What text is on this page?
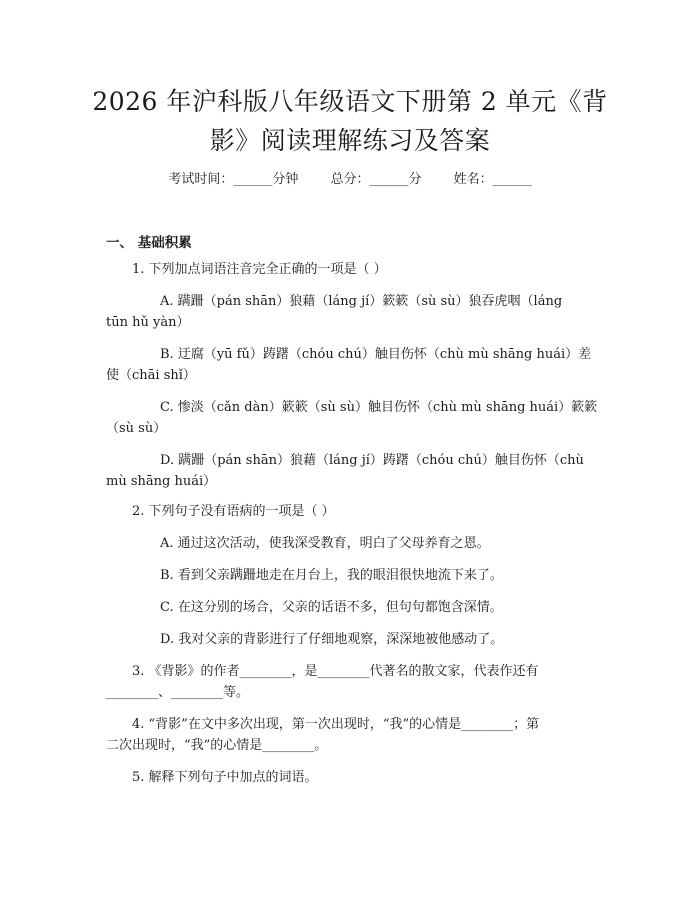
2026 年沪科版八年级语文下册第 2 单元《背
影》阅读理解练习及答案
考试时间：______分钟 总分：______分 姓名：______
一、 基础积累
1. 下列加点词语注音完全正确的一项是（ ）
A. 蹒跚（pán shān）狼藉（láng jí）簌簌（sù sù）狼吞虎咽（láng
tūn hǔ yàn）
B. 迂腐（yū fǔ）踌躇（chóu chú）触目伤怀（chù mù shāng huái）差
使（chāi shǐ）
C. 惨淡（cǎn dàn）簌簌（sù sù）触目伤怀（chù mù shāng huái）簌簌
（sù sù）
D. 蹒跚（pán shān）狼藉（láng jí）踌躇（chóu chú）触目伤怀（chù
mù shāng huái）
2. 下列句子没有语病的一项是（ ）
A. 通过这次活动，使我深受教育，明白了父母养育之恩。
B. 看到父亲蹒跚地走在月台上，我的眼泪很快地流下来了。
C. 在这分别的场合，父亲的话语不多，但句句都饱含深情。
D. 我对父亲的背影进行了仔细地观察，深深地被他感动了。
3. 《背影》的作者________，是________代著名的散文家，代表作还有
________、________等。
4. “背影”在文中多次出现，第一次出现时，“我”的心情是________；第
二次出现时，“我”的心情是________。
5. 解释下列句子中加点的词语。
